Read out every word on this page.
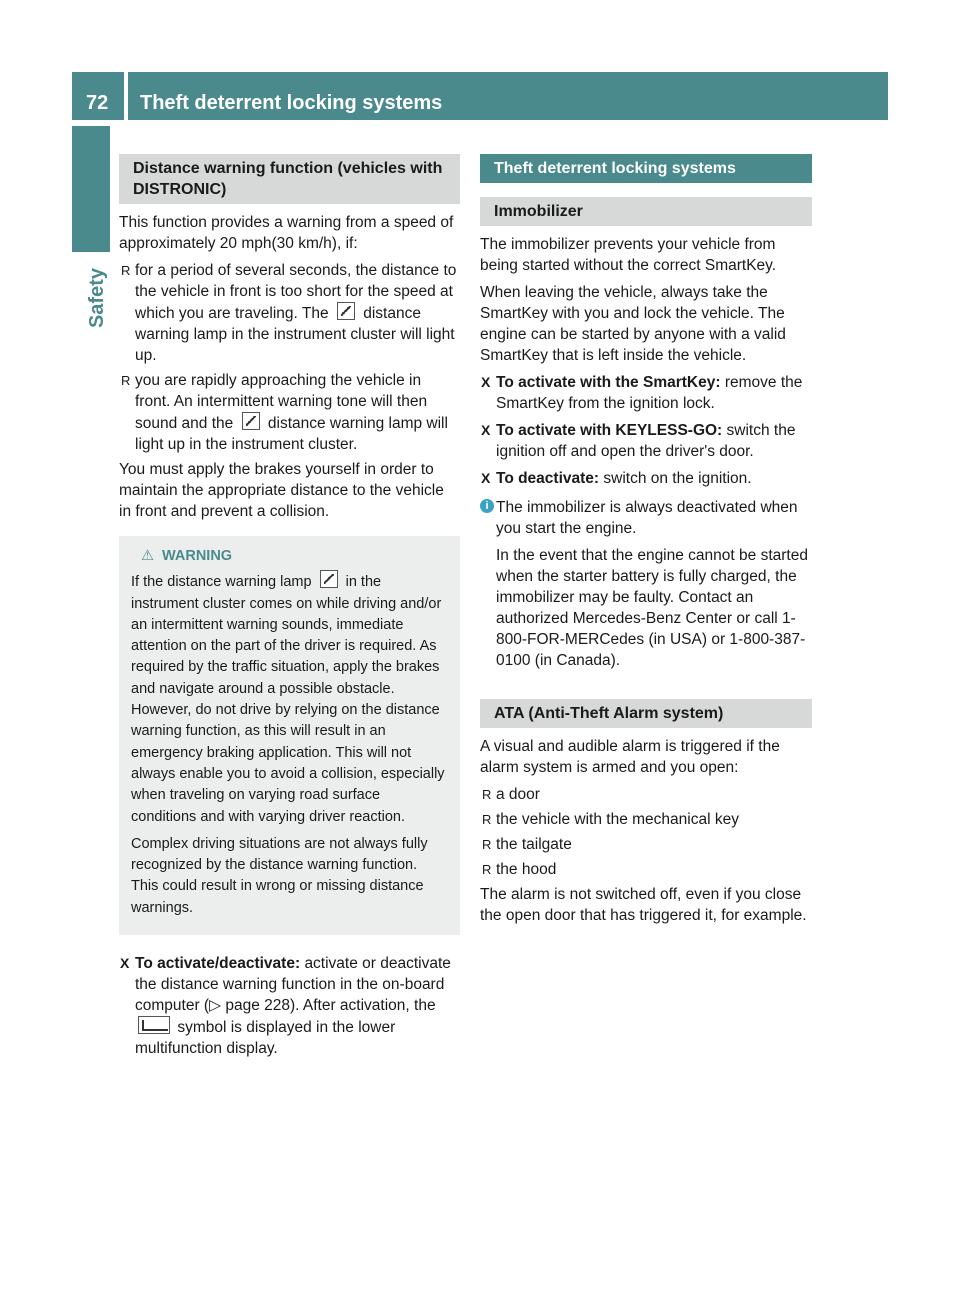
72 Theft deterrent locking systems
Safety
Distance warning function (vehicles with DISTRONIC)

This function provides a warning from a speed of approximately 20 mph(30 km/h), if:

R for a period of several seconds, the distance to the vehicle in front is too short for the speed at which you are traveling. The distance warning lamp in the instrument cluster will light up.
R you are rapidly approaching the vehicle in front. An intermittent warning tone will then sound and the distance warning lamp will light up in the instrument cluster.

You must apply the brakes yourself in order to maintain the appropriate distance to the vehicle in front and prevent a collision.

⚠ WARNING

If the distance warning lamp in the instrument cluster comes on while driving and/or an intermittent warning sounds, immediate attention on the part of the driver is required. As required by the traffic situation, apply the brakes and navigate around a possible obstacle. However, do not drive by relying on the distance warning function, as this will result in an emergency braking application. This will not always enable you to avoid a collision, especially when traveling on varying road surface conditions and with varying driver reaction.

Complex driving situations are not always fully recognized by the distance warning function. This could result in wrong or missing distance warnings.

X To activate/deactivate: activate or deactivate the distance warning function in the on-board computer (▷ page 228). After activation, the  symbol is displayed in the lower multifunction display.
Theft deterrent locking systems
Immobilizer

The immobilizer prevents your vehicle from being started without the correct SmartKey.

When leaving the vehicle, always take the SmartKey with you and lock the vehicle. The engine can be started by anyone with a valid SmartKey that is left inside the vehicle.

X To activate with the SmartKey: remove the SmartKey from the ignition lock.
X To activate with KEYLESS-GO: switch the ignition off and open the driver's door.
X To deactivate: switch on the ignition.
i The immobilizer is always deactivated when you start the engine.

In the event that the engine cannot be started when the starter battery is fully charged, the immobilizer may be faulty. Contact an authorized Mercedes-Benz Center or call 1-800-FOR-MERCedes (in USA) or 1-800-387-0100 (in Canada).

ATA (Anti-Theft Alarm system)

A visual and audible alarm is triggered if the alarm system is armed and you open:

R a door
R the vehicle with the mechanical key
R the tailgate
R the hood

The alarm is not switched off, even if you close the open door that has triggered it, for example.
